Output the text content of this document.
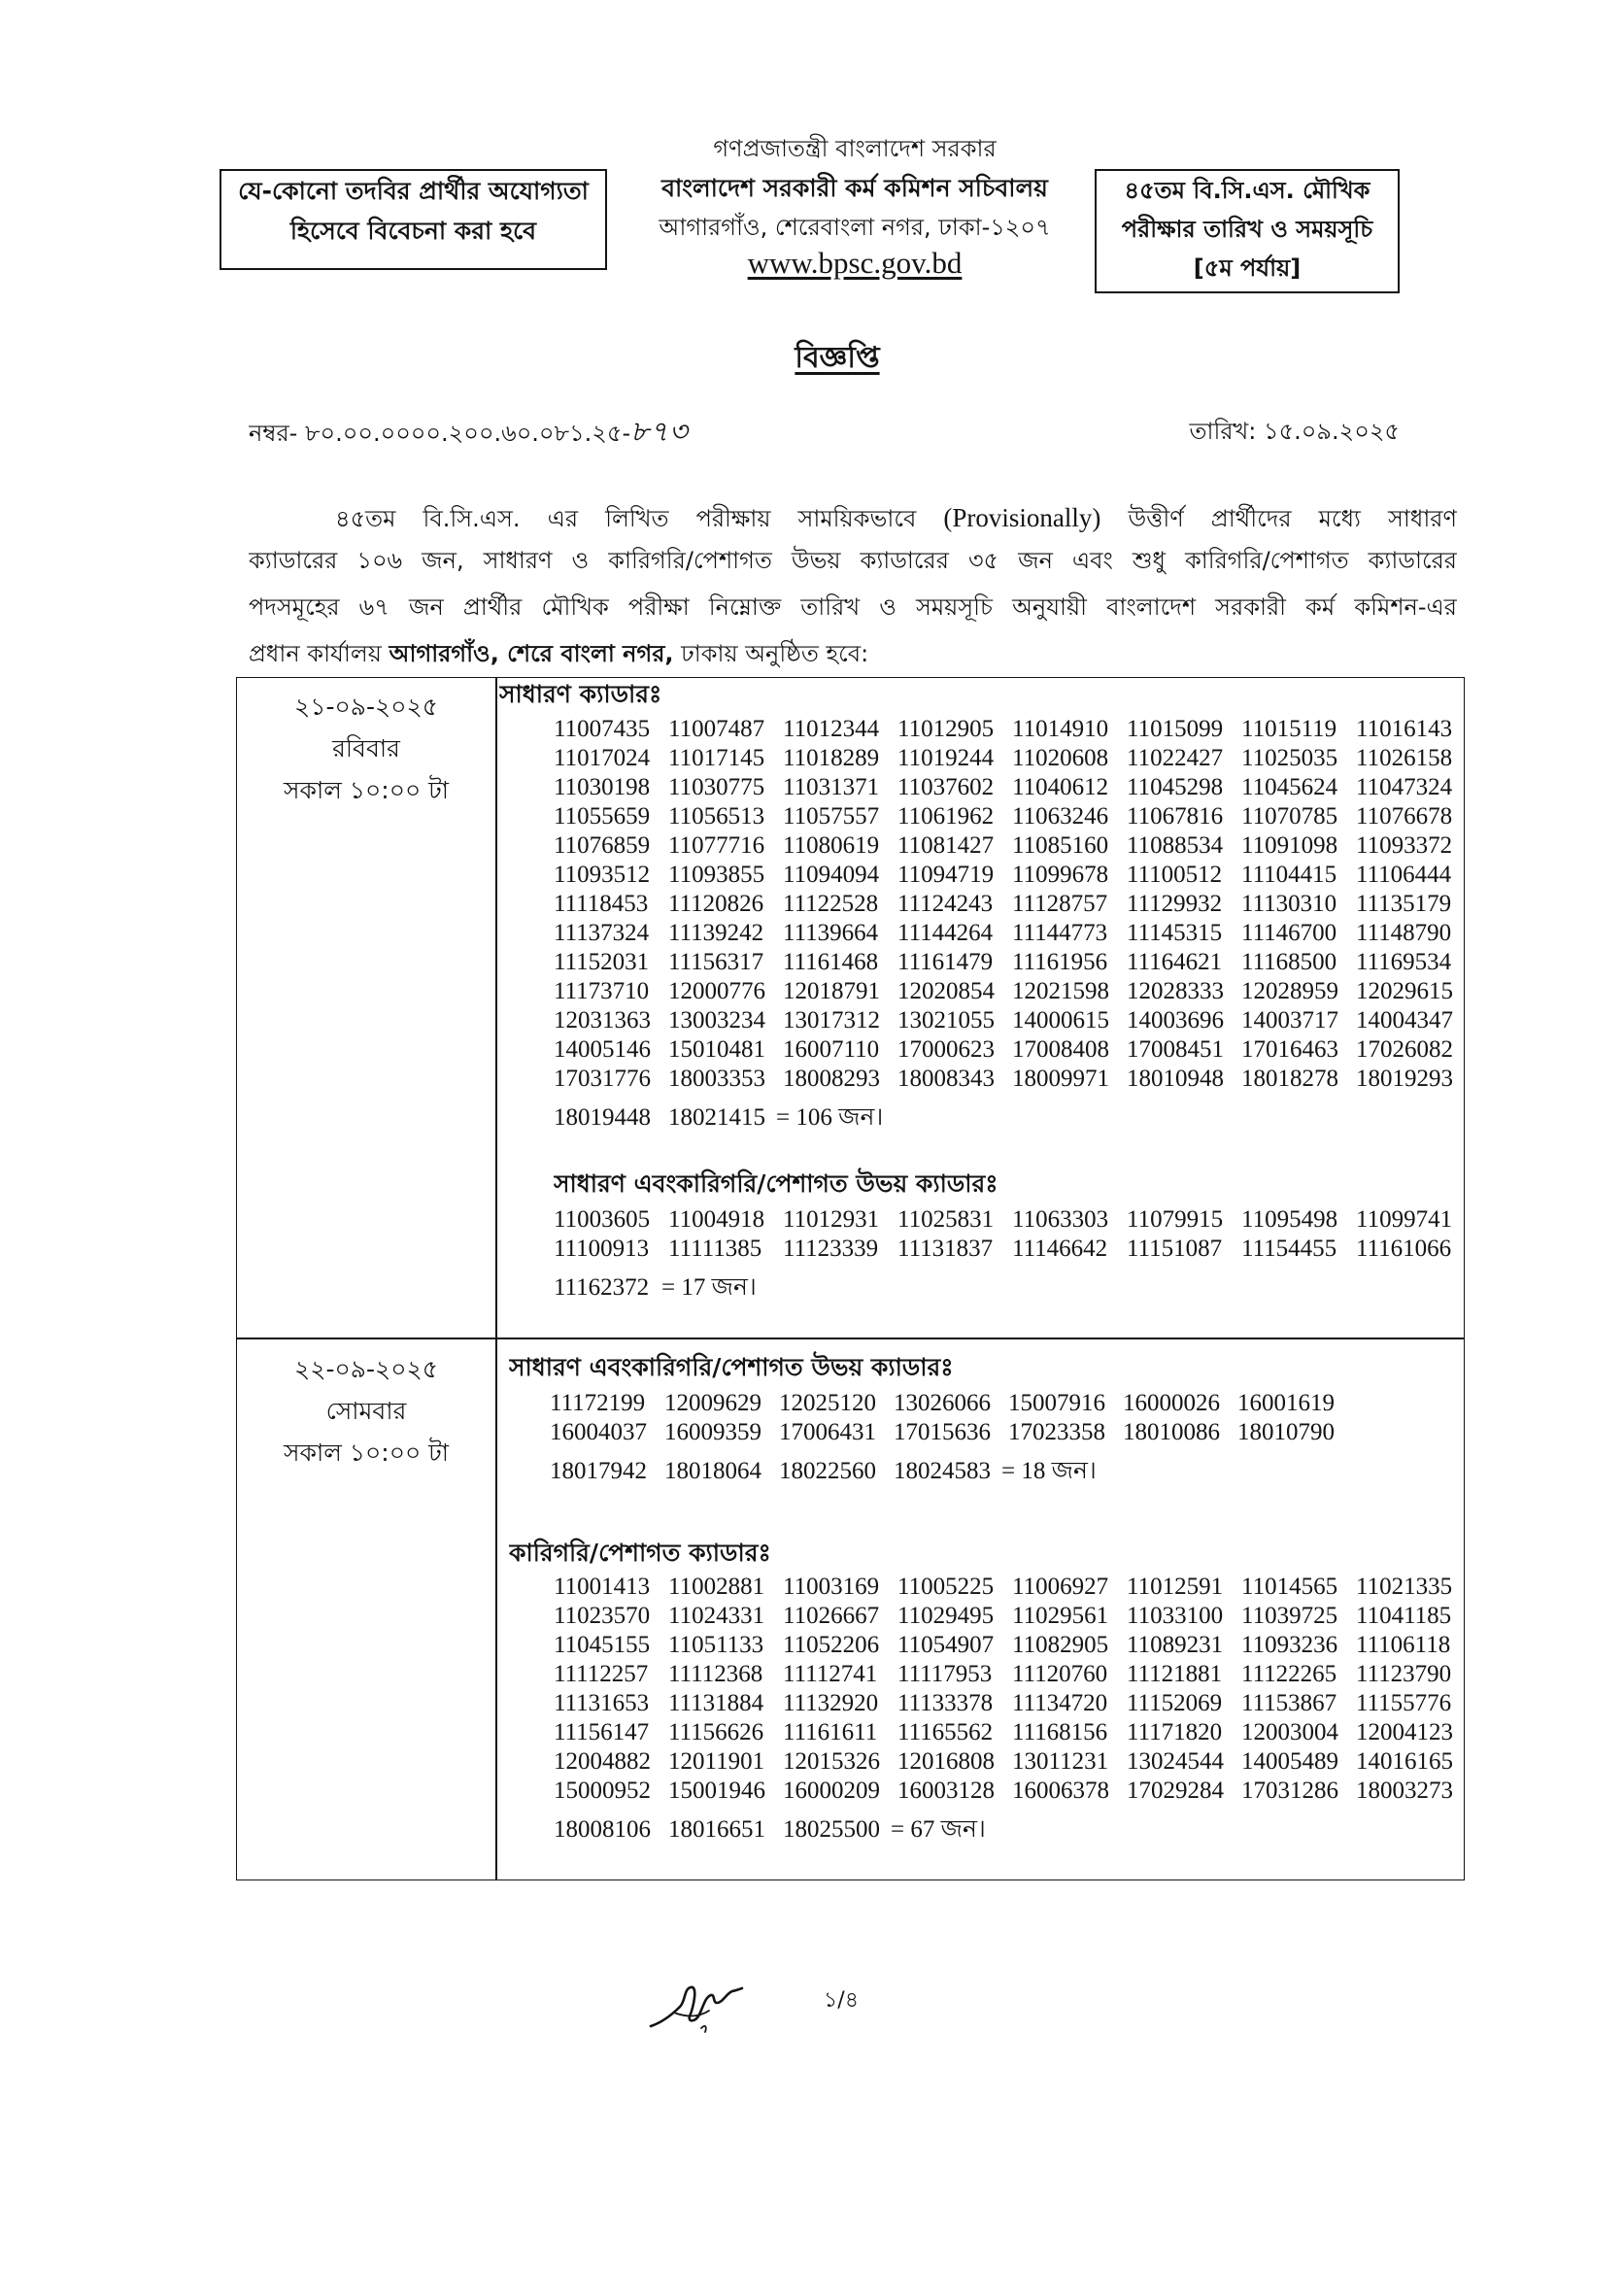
গণপ্রজাতন্ত্রী বাংলাদেশ সরকার
বাংলাদেশ সরকারী কর্ম কমিশন সচিবালয়
আগারগাঁও, শেরেবাংলা নগর, ঢাকা-১২০৭
www.bpsc.gov.bd
যে-কোনো তদবির প্রার্থীর অযোগ্যতা
হিসেবে বিবেচনা করা হবে
৪৫তম বি.সি.এস. মৌখিক
পরীক্ষার তারিখ ও সময়সূচি
[৫ম পর্যায়]
বিজ্ঞপ্তি
নম্বর- ৮০.০০.০০০০.২০০.৬০.০৮১.২৫-৮৭৩	তারিখ: ১৫.০৯.২০২৫
৪৫তম বি.সি.এস. এর লিখিত পরীক্ষায় সাময়িকভাবে (Provisionally) উত্তীর্ণ প্রার্থীদের মধ্যে সাধারণ
ক্যাডারের ১০৬ জন, সাধারণ ও কারিগরি/পেশাগত উভয় ক্যাডারের ৩৫ জন এবং শুধু কারিগরি/পেশাগত ক্যাডারের
পদসমূহের ৬৭ জন প্রার্থীর মৌখিক পরীক্ষা নিম্নোক্ত তারিখ ও সময়সূচি অনুযায়ী বাংলাদেশ সরকারী কর্ম কমিশন-এর
প্রধান কার্যালয় আগারগাঁও, শেরে বাংলা নগর, ঢাকায় অনুষ্ঠিত হবে:
২১-০৯-২০২৫
রবিবার
সকাল ১০:০০ টা
২২-০৯-২০২৫
সোমবার
সকাল ১০:০০ টা
সাধারণ ক্যাডারঃ
11007435 11007487 11012344 11012905 11014910 11015099 11015119 11016143
11017024 11017145 11018289 11019244 11020608 11022427 11025035 11026158
11030198 11030775 11031371 11037602 11040612 11045298 11045624 11047324
11055659 11056513 11057557 11061962 11063246 11067816 11070785 11076678
11076859 11077716 11080619 11081427 11085160 11088534 11091098 11093372
11093512 11093855 11094094 11094719 11099678 11100512 11104415 11106444
11118453 11120826 11122528 11124243 11128757 11129932 11130310 11135179
11137324 11139242 11139664 11144264 11144773 11145315 11146700 11148790
11152031 11156317 11161468 11161479 11161956 11164621 11168500 11169534
11173710 12000776 12018791 12020854 12021598 12028333 12028959 12029615
12031363 13003234 13017312 13021055 14000615 14003696 14003717 14004347
14005146 15010481 16007110 17000623 17008408 17008451 17016463 17026082
17031776 18003353 18008293 18008343 18009971 18010948 18018278 18019293
18019448 18021415 = 106 জন।
সাধারণ এবংকারিগরি/পেশাগত উভয় ক্যাডারঃ
11003605 11004918 11012931 11025831 11063303 11079915 11095498 11099741
11100913 11111385 11123339 11131837 11146642 11151087 11154455 11161066
11162372 = 17 জন।
সাধারণ এবংকারিগরি/পেশাগত উভয় ক্যাডারঃ
11172199 12009629 12025120 13026066 15007916 16000026 16001619
16004037 16009359 17006431 17015636 17023358 18010086 18010790
18017942 18018064 18022560 18024583 = 18 জন।
কারিগরি/পেশাগত ক্যাডারঃ
11001413 11002881 11003169 11005225 11006927 11012591 11014565 11021335
11023570 11024331 11026667 11029495 11029561 11033100 11039725 11041185
11045155 11051133 11052206 11054907 11082905 11089231 11093236 11106118
11112257 11112368 11112741 11117953 11120760 11121881 11122265 11123790
11131653 11131884 11132920 11133378 11134720 11152069 11153867 11155776
11156147 11156626 11161611 11165562 11168156 11171820 12003004 12004123
12004882 12011901 12015326 12016808 13011231 13024544 14005489 14016165
15000952 15001946 16000209 16003128 16006378 17029284 17031286 18003273
18008106 18016651 18025500 = 67 জন।
১/৪
